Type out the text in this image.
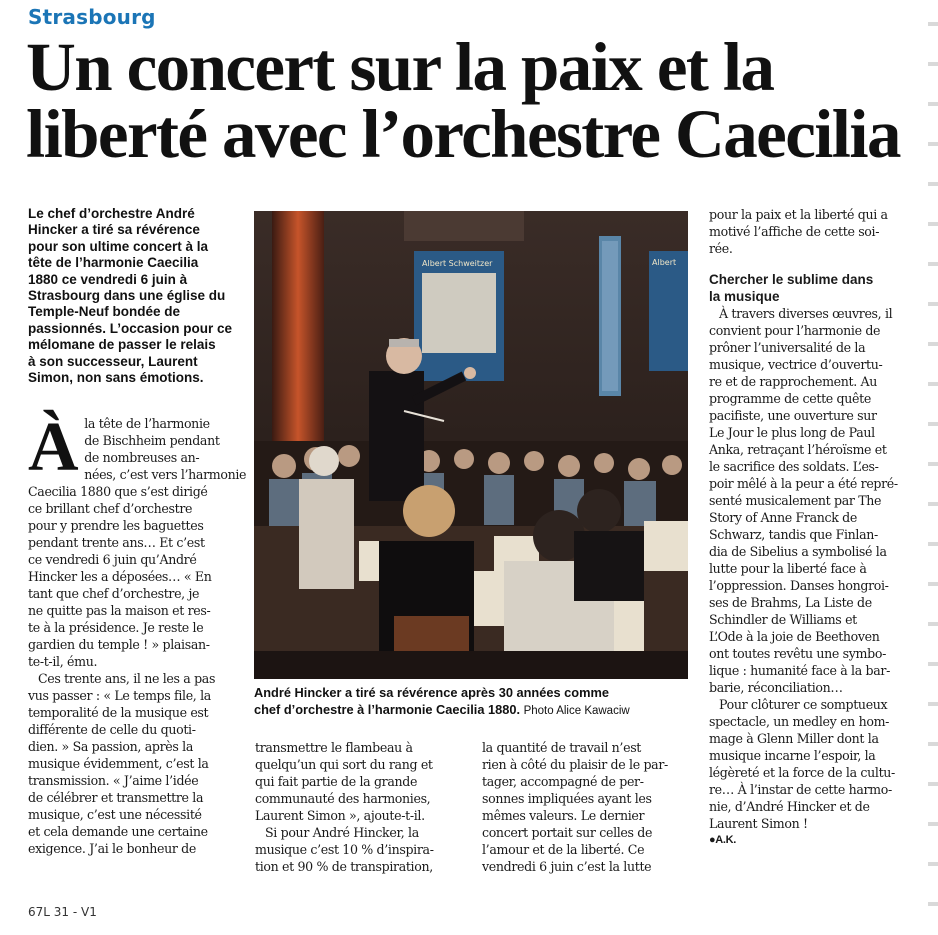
Strasbourg
Un concert sur la paix et la
liberté avec l’orchestre Caecilia
Le chef d’orchestre André
Hincker a tiré sa révérence
pour son ultime concert à la
tête de l’harmonie Caecilia
1880 ce vendredi 6 juin à
Strasbourg dans une église du
Temple-Neuf bondée de
passionnés. L’occasion pour ce
mélomane de passer le relais
à son successeur, Laurent
Simon, non sans émotions.
À la tête de l’harmonie
de Bischheim pendant
de nombreuses an-
nées, c’est vers l’harmonie
Caecilia 1880 que s’est dirigé
ce brillant chef d’orchestre
pour y prendre les baguettes
pendant trente ans… Et c’est
ce vendredi 6 juin qu’André
Hincker les a déposées… « En
tant que chef d’orchestre, je
ne quitte pas la maison et res-
te à la présidence. Je reste le
gardien du temple ! » plaisan-
te-t-il, ému.
Ces trente ans, il ne les a pas
vus passer : « Le temps file, la
temporalité de la musique est
différente de celle du quoti-
dien. » Sa passion, après la
musique évidemment, c’est la
transmission. « J’aime l’idée
de célébrer et transmettre la
musique, c’est une nécessité
et cela demande une certaine
exigence. J’ai le bonheur de
Albert Schweitzer	Albert
André Hincker a tiré sa révérence après 30 années comme
chef d’orchestre à l’harmonie Caecilia 1880. Photo Alice Kawaciw
transmettre le flambeau à
quelqu’un qui sort du rang et
qui fait partie de la grande
communauté des harmonies,
Laurent Simon », ajoute-t-il.
Si pour André Hincker, la
musique c’est 10 % d’inspira-
tion et 90 % de transpiration,
la quantité de travail n’est
rien à côté du plaisir de le par-
tager, accompagné de per-
sonnes impliquées ayant les
mêmes valeurs. Le dernier
concert portait sur celles de
l’amour et de la liberté. Ce
vendredi 6 juin c’est la lutte
pour la paix et la liberté qui a
motivé l’affiche de cette soi-
rée.
Chercher le sublime dans
la musique
À travers diverses œuvres, il
convient pour l’harmonie de
prôner l’universalité de la
musique, vectrice d’ouvertu-
re et de rapprochement. Au
programme de cette quête
pacifiste, une ouverture sur
Le Jour le plus long de Paul
Anka, retraçant l’héroïsme et
le sacrifice des soldats. L’es-
poir mêlé à la peur a été repré-
senté musicalement par The
Story of Anne Franck de
Schwarz, tandis que Finlan-
dia de Sibelius a symbolisé la
lutte pour la liberté face à
l’oppression. Danses hongroi-
ses de Brahms, La Liste de
Schindler de Williams et
L’Ode à la joie de Beethoven
ont toutes revêtu une symbo-
lique : humanité face à la bar-
barie, réconciliation…
Pour clôturer ce somptueux
spectacle, un medley en hom-
mage à Glenn Miller dont la
musique incarne l’espoir, la
légèreté et la force de la cultu-
re… À l’instar de cette harmo-
nie, d’André Hincker et de
Laurent Simon !
●A.K.
67L 31 - V1
